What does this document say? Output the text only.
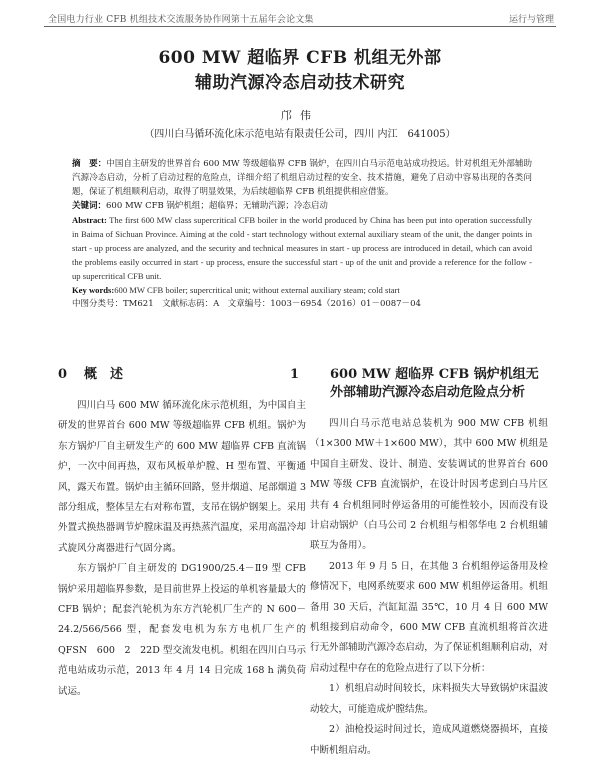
全国电力行业 CFB 机组技术交流服务协作网第十五届年会论文集	运行与管理
600 MW 超临界 CFB 机组无外部
辅助汽源冷态启动技术研究
邝伟
（四川白马循环流化床示范电站有限责任公司，四川 内江　641005）

摘　要：中国自主研发的世界首台 600 MW 等级超临界 CFB 锅炉，在四川白马示范电站成功投运。针对机组无外部辅助汽源冷态启动，分析了启动过程的危险点，详细介绍了机组启动过程的安全、技术措施，避免了启动中容易出现的各类问题，保证了机组顺利启动，取得了明显效果，为后续超临界 CFB 机组提供相应借鉴。

关键词：600 MW CFB 锅炉机组；超临界；无辅助汽源；冷态启动

Abstract: The first 600 MW class supercritical CFB boiler in the world produced by China has been put into operation successfully in Baima of Sichuan Province. Aiming at the cold - start technology without external auxiliary steam of the unit, the danger points in start - up process are analyzed, and the security and technical measures in start - up process are introduced in detail, which can avoid the problems easily occurred in start - up process, ensure the successful start - up of the unit and provide a reference for the follow - up supercritical CFB unit.

Key words:600 MW CFB boiler; supercritical unit; without external auxiliary steam; cold start

中图分类号：TM621　文献标志码：A　文章编号：1003－6954（2016）01－0087－04

0 概　述

四川白马 600 MW 循环流化床示范机组，为中国自主研发的世界首台 600 MW 等级超临界 CFB 机组。锅炉为东方锅炉厂自主研发生产的 600 MW 超临界 CFB 直流锅炉，一次中间再热，双布风板单炉膛、H 型布置、平衡通风，露天布置。锅炉由主循环回路，竖井烟道、尾部烟道 3 部分组成，整体呈左右对称布置，支吊在锅炉钢架上。采用外置式换热器调节炉膛床温及再热蒸汽温度，采用高温冷却式旋风分离器进行气固分离。

东方锅炉厂自主研发的 DG1900/25.4－Ⅱ9 型 CFB 锅炉采用超临界参数，是目前世界上投运的单机容量最大的 CFB 锅炉；配套汽轮机为东方汽轮机厂生产的 N 600－24.2/566/566 型，配套发电机为东方电机厂生产的 QFSN　600　2　22D 型交流发电机。机组在四川白马示范电站成功示范，2013 年 4 月 14 日完成 168 h 满负荷试运。

1 600 MW 超临界 CFB 锅炉机组无外部辅助汽源冷态启动危险点分析

四川白马示范电站总装机为 900 MW CFB 机组（1×300 MW＋1×600 MW），其中 600 MW 机组是中国自主研发、设计、制造、安装调试的世界首台 600 MW 等级 CFB 直流锅炉，在设计时因考虑到白马片区共有 4 台机组同时停运备用的可能性较小，因而没有设计启动锅炉（白马公司 2 台机组与相邻华电 2 台机组辅联互为备用）。

2013 年 9 月 5 日，在其他 3 台机组停运备用及检修情况下，电网系统要求 600 MW 机组停运备用。机组备用 30 天后，汽缸缸温 35℃，10 月 4 日 600 MW 机组接到启动命令，600 MW CFB 直流机组将首次进行无外部辅助汽源冷态启动，为了保证机组顺利启动，对启动过程中存在的危险点进行了以下分析：

1）机组启动时间较长，床料损失大导致锅炉床温波动较大，可能造成炉膛结焦。

2）油枪投运时间过长，造成风道燃烧器损坏，直接中断机组启动。
